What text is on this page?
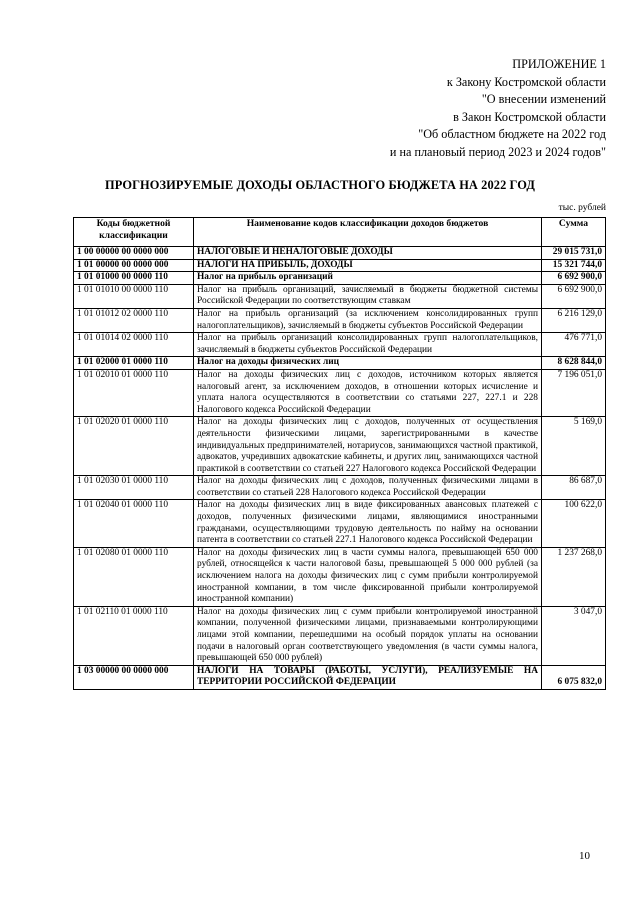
ПРИЛОЖЕНИЕ 1
к Закону Костромской области
"О внесении изменений
в Закон Костромской области
"Об областном бюджете на 2022 год
и на плановый период 2023 и 2024 годов"
ПРОГНОЗИРУЕМЫЕ ДОХОДЫ ОБЛАСТНОГО БЮДЖЕТА НА 2022 ГОД
тыс. рублей
Коды бюджетной классификации	Наименование кодов классификации доходов бюджетов	Сумма
1 00 00000 00 0000 000	НАЛОГОВЫЕ И НЕНАЛОГОВЫЕ ДОХОДЫ	29 015 731,0
1 01 00000 00 0000 000	НАЛОГИ НА ПРИБЫЛЬ, ДОХОДЫ	15 321 744,0
1 01 01000 00 0000 110	Налог на прибыль организаций	6 692 900,0
1 01 01010 00 0000 110	Налог на прибыль организаций, зачисляемый в бюджеты бюджетной системы Российской Федерации по соответствующим ставкам	6 692 900,0
1 01 01012 02 0000 110	Налог на прибыль организаций (за исключением консолидированных групп налогоплательщиков), зачисляемый в бюджеты субъектов Российской Федерации	6 216 129,0
1 01 01014 02 0000 110	Налог на прибыль организаций консолидированных групп налогоплательщиков, зачисляемый в бюджеты субъектов Российской Федерации	476 771,0
1 01 02000 01 0000 110	Налог на доходы физических лиц	8 628 844,0
1 01 02010 01 0000 110	Налог на доходы физических лиц с доходов, источником которых является налоговый агент, за исключением доходов, в отношении которых исчисление и уплата налога осуществляются в соответствии со статьями 227, 227.1 и 228 Налогового кодекса Российской Федерации	7 196 051,0
1 01 02020 01 0000 110	Налог на доходы физических лиц с доходов, полученных от осуществления деятельности физическими лицами, зарегистрированными в качестве индивидуальных предпринимателей, нотариусов, занимающихся частной практикой, адвокатов, учредивших адвокатские кабинеты, и других лиц, занимающихся частной практикой в соответствии со статьей 227 Налогового кодекса Российской Федерации	5 169,0
1 01 02030 01 0000 110	Налог на доходы физических лиц с доходов, полученных физическими лицами в соответствии со статьей 228 Налогового кодекса Российской Федерации	86 687,0
1 01 02040 01 0000 110	Налог на доходы физических лиц в виде фиксированных авансовых платежей с доходов, полученных физическими лицами, являющимися иностранными гражданами, осуществляющими трудовую деятельность по найму на основании патента в соответствии со статьей 227.1 Налогового кодекса Российской Федерации	100 622,0
1 01 02080 01 0000 110	Налог на доходы физических лиц в части суммы налога, превышающей 650 000 рублей, относящейся к части налоговой базы, превышающей 5 000 000 рублей (за исключением налога на доходы физических лиц с сумм прибыли контролируемой иностранной компании, в том числе фиксированной прибыли контролируемой иностранной компании)	1 237 268,0
1 01 02110 01 0000 110	Налог на доходы физических лиц с сумм прибыли контролируемой иностранной компании, полученной физическими лицами, признаваемыми контролирующими лицами этой компании, перешедшими на особый порядок уплаты на основании подачи в налоговый орган соответствующего уведомления (в части суммы налога, превышающей 650 000 рублей)	3 047,0
1 03 00000 00 0000 000	НАЛОГИ НА ТОВАРЫ (РАБОТЫ, УСЛУГИ), РЕАЛИЗУЕМЫЕ НА ТЕРРИТОРИИ РОССИЙСКОЙ ФЕДЕРАЦИИ	6 075 832,0
10
